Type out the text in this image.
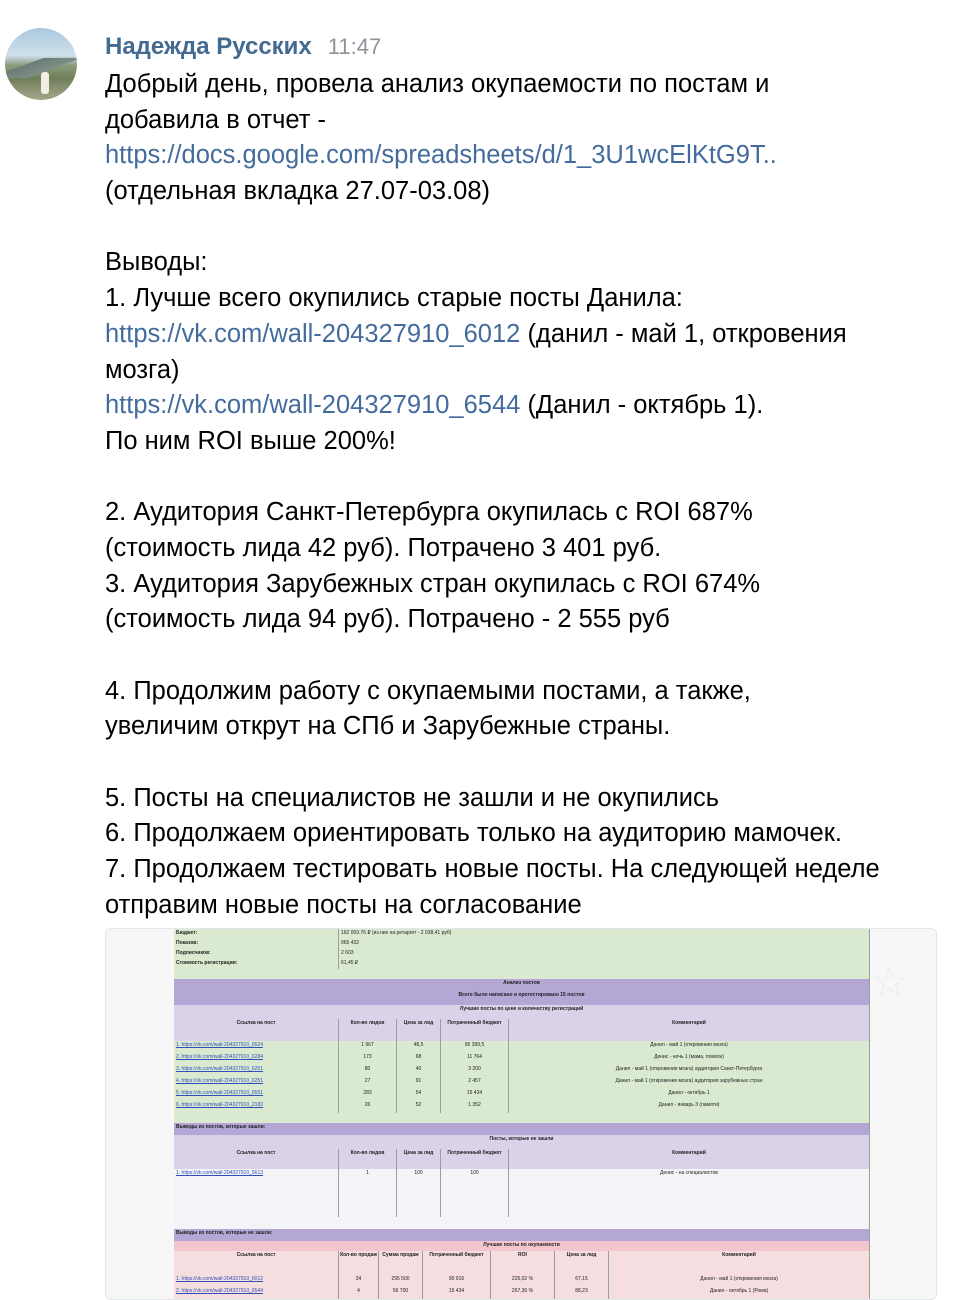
Надежда Русских 11:47
Добрый день, провела анализ окупаемости по постам и
добавила в отчет -
https://docs.google.com/spreadsheets/d/1_3U1wcElKtG9T..
(отдельная вкладка 27.07-03.08)
Выводы:
1. Лучше всего окупились старые посты Данила:
https://vk.com/wall-204327910_6012 (данил - май 1, откровения
мозга)
https://vk.com/wall-204327910_6544 (Данил - октябрь 1).
По ним ROI выше 200%!
2. Аудитория Санкт-Петербурга окупилась с ROI 687%
(стоимость лида 42 руб). Потрачено 3 401 руб.
3. Аудитория Зарубежных стран окупилась с ROI 674%
(стоимость лида 94 руб). Потрачено - 2 555 руб
4. Продолжим работу с окупаемыми постами, а также,
увеличим открут на СПб и Зарубежные страны.
5. Посты на специалистов не зашли и не окупились
6. Продолжаем ориентировать только на аудиторию мамочек.
7. Продолжаем тестировать новые посты. На следующей неделе
отправим новые посты на согласование
Бюджет:	162 003.76 ₽ (из них на ретаргет - 2 038,41 руб)
Показов:	965 432
Подписчиков:	2 603
Стоимость регистрации:	61,45 ₽
Анализ постов
Всего было написано и протестировано 15 постов
Лучшие посты по цене и количеству регистраций
Ссылка на пост	Кол-во лидов	Цена за лид	Потраченный бюджет	Комментарий
1. https://vk.com/wall-204327910_6524	1 967	48,5	95 399,5	Данил - май 1 (откровения мозга)
2. https://vk.com/wall-204327910_6284	173	68	11 764	Денис - ночь 1 (мама, помоги)
3. https://vk.com/wall-204327910_6251	80	40	3 200	Данил - май 1 (откровения мозга) аудитория Санкт-Петербурга
4. https://vk.com/wall-204327910_6251	27	91	2 457	Данил - май 1 (откровения мозга) аудитория зарубежных стран
5. https://vk.com/wall-204327910_6551	283	54	15 434	Данил - октябрь 1
6. https://vk.com/wall-204327910_2182	26	52	1 352	Данил - январь 3 (памяти)
Выводы из постов, которые зашли:
Посты, которые не зашли
Ссылка на пост	Кол-во лидов	Цена за лид	Потраченный бюджет	Комментарий
1. https://vk.com/wall-204327910_5613	1	100	100	Денис - на специалистов
Выводы из постов, которые не зашли:
Лучшие посты по окупаемости
Ссылка на пост	Кол-во продаж	Сумма продаж	Потраченный бюджет	ROI	Цена за лид	Комментарий
1. https://vk.com/wall-204327910_6012	34	295 500	90 916	225,02 %	67,15	Данил - май 1 (откровения мозга)
2. https://vk.com/wall-204327910_6544	4	56 700	15 434	267,36 %	88,23	Данил - октябрь 1 (Рома)
☆
